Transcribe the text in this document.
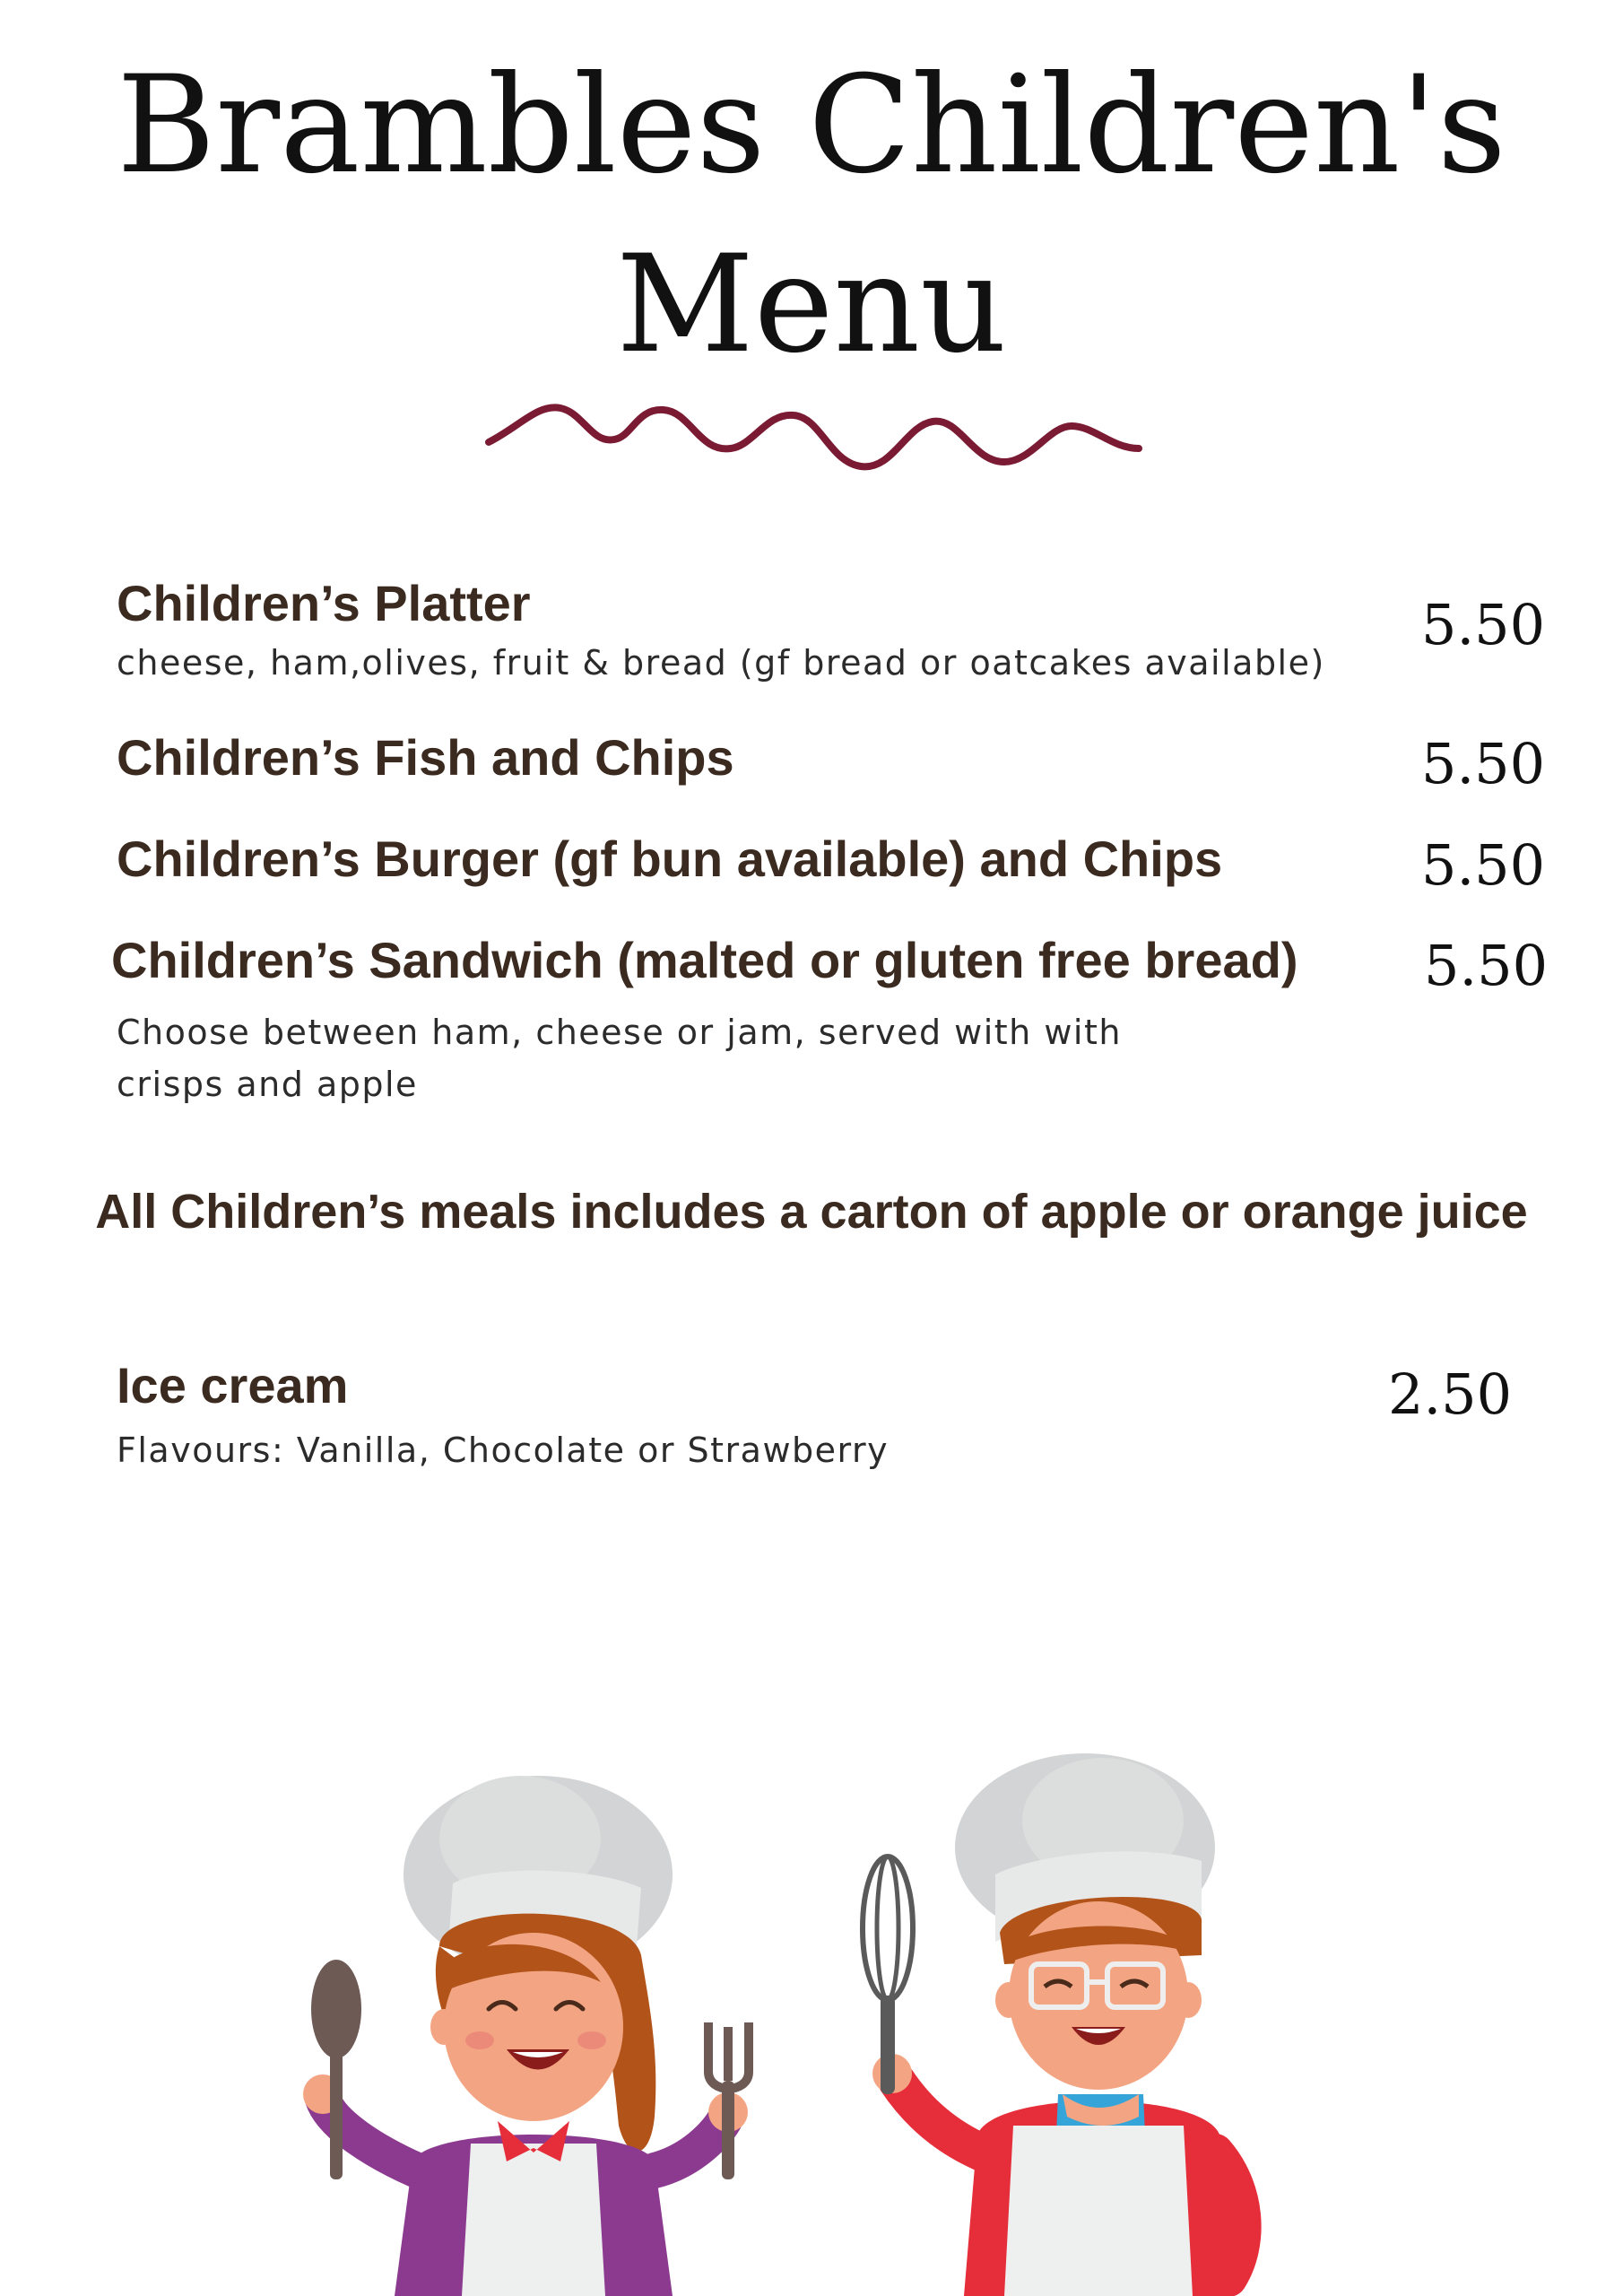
Brambles Children's
Menu
Children’s Platter
cheese, ham,olives, fruit & bread (gf bread or oatcakes available)
5.50
Children’s Fish and Chips	5.50
Children’s Burger (gf bun available) and Chips	5.50
Children’s Sandwich (malted or gluten free bread) 5.50
Choose between ham, cheese or jam, served with with
crisps and apple
All Children’s meals includes a carton of apple or orange juice
Ice cream
Flavours: Vanilla, Chocolate or Strawberry
2.50
